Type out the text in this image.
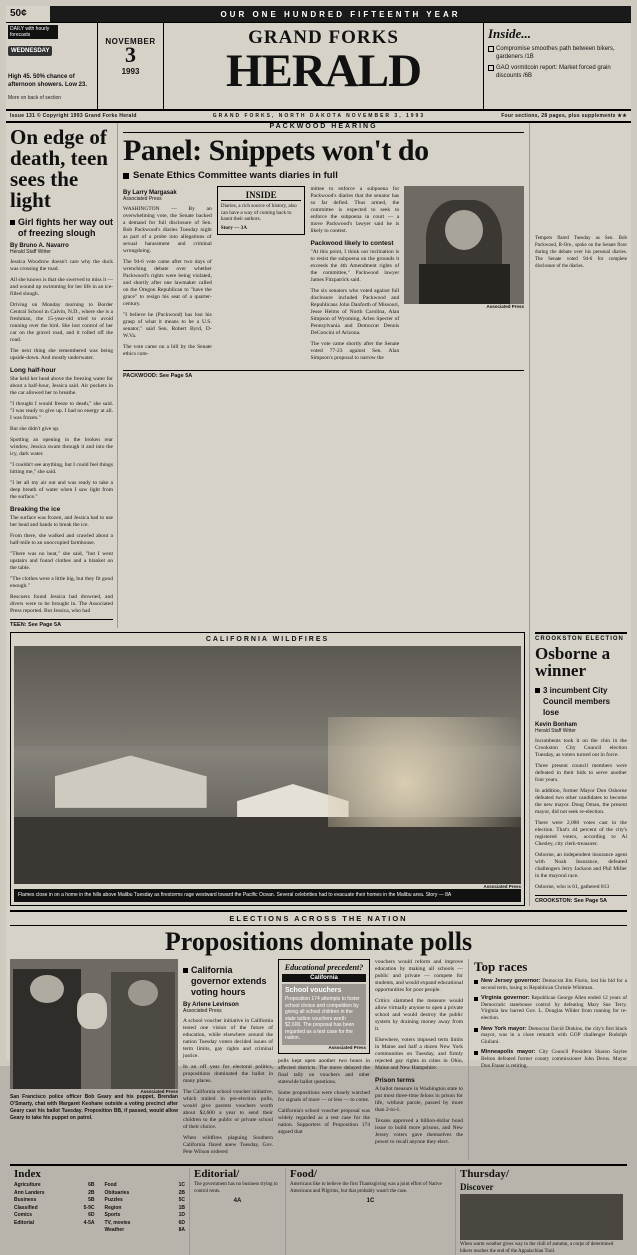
50¢	OUR ONE HUNDRED FIFTEENTH YEAR
DAILY with hourly forecasts
WEDNESDAY
High 45. 50% chance of afternoon showers. Low 23.
More on back of section
NOVEMBER
3
1993
GRAND FORKS
HERALD
Inside...
Compromise smoothes path between bikers, gardeners /1B
GAO vormitcoin report: Market forced grain discounts /6B
Issue 131 © Copyright 1993 Grand Forks Herald	GRAND FORKS, NORTH DAKOTA NOVEMBER 3, 1993	Four sections, 28 pages, plus supplements ★★
On edge of death, teen sees the light
Girl fights her way out of freezing slough
By Bruno A. Navarro
Herald Staff Writer

Jessica Woodrow doesn't care why the duck was crossing the road.

All she knows is that she swerved to miss it — and wound up swimming for her life in an ice-filled slough.

Driving on Monday morning to Border Central School in Calvin, N.D., where she is a freshman, the 15-year-old tried to avoid running over the bird. She lost control of her car on the gravel road, and it rolled off the road.

The next thing she remembered was being upside-down. And mostly underwater.

Long half-hour

She held her head above the freezing water for about a half-hour, Jessica said. Air pockets in the car allowed her to breathe.

"I thought I would freeze to death," she said. "I was ready to give up. I had no energy at all. I was frozen."

But she didn't give up.

Spotting an opening in the broken rear window, Jessica swam through it and into the icy, dark water.

"I couldn't see anything, but I could feel things hitting me," she said.

"I let all my air out and was ready to take a deep breath of water when I saw light from the surface."

Breaking the ice

The surface was frozen, and Jessica had to use her head and hands to break the ice.

From there, she walked and crawled about a half-mile to an unoccupied farmhouse.

"There was no heat," she said, "but I went upstairs and found clothes and a blanket on the table.

"The clothes were a little big, but they fit good enough."

Rescuers found Jessica had drowned, and divers were to be brought in. The Associated Press reported. But Jessica, who had

TEEN: See Page 5A
PACKWOOD HEARING
Panel: Snippets won't do
Senate Ethics Committee wants diaries in full
By Larry Margasak
Associated Press

WASHINGTON — By an overwhelming vote, the Senate backed a demand for full disclosure of Sen. Bob Packwood's diaries Tuesday night as part of a probe into allegations of sexual harassment and criminal wrongdoing.

The 94-6 vote came after two days of wrenching debate over whether Packwood's rights were being violated, and shortly after one lawmaker called on the Oregon Republican to "have the grace" to resign his seat of a quarter-century.

"I believe he (Packwood) has lost his grasp of what it means to be a U.S. senator," said Sen. Robert Byrd, D-W.Va.

The vote came on a bill by the Senate ethics com-

INSIDE

Diaries, a rich source of history, also can have a way of coming back to haunt their authors.

Story — 3A

mittee to enforce a subpoena for Packwood's diaries that the senator has so far defied. Thus armed, the committee is expected to seek to enforce the subpoena in court — a move Packwood's lawyer said he is likely to contest.

Packwood likely to contest

"At this point, I think our inclination is to resist the subpoena on the grounds it exceeds the 4th Amendment rights of the committee," Packwood lawyer James Fitzpatrick said.

The six senators who voted against full disclosure included Packwood and Republicans John Danforth of Missouri, Jesse Helms of North Carolina, Alan Simpson of Wyoming, Arlen Specter of Pennsylvania and Democrat Dennis DeConcini of Arizona.

The vote came shortly after the Senate voted 77-23 against Sen. Alan Simpson's proposal to narrow the

Associated Press
PACKWOOD: See Page 5A

Tempers flared Tuesday as Sen. Bob Packwood, R-Ore., spoke on the Senate floor during the debate over his personal diaries. The Senate voted 94-6 for complete disclosure of the diaries.

CALIFORNIA WILDFIRES
Associated Press
Flames close in on a home in the hills above Malibu Tuesday as firestorms rage westward toward the Pacific Ocean. Several celebrities had to evacuate their homes in the Malibu area. Story — 8A
CROOKSTON ELECTION
Osborne a winner
3 incumbent City Council members lose
Kevin Bonham
Herald Staff Writer

Incumbents took it on the chin in the Crookston City Council election Tuesday, as voters turned out in force.

Three present council members were defeated in their bids to serve another four years.

In addition, former Mayor Don Osborne defeated two other candidates to become the new mayor. Doug Oman, the present mayor, did not seek re-election.

There were 2,080 votes cast in the election. That's 44 percent of the city's registered voters, according to Al Chesley, city clerk-treasurer.

Osborne, an independent insurance agent with Noah Insurance, defeated challengers Jerry Jackson and Phil Miller in the mayoral race.

Osborne, who is 61, gathered 813

CROOKSTON: See Page 5A
ELECTIONS ACROSS THE NATION
Propositions dominate polls
Associated Press

San Francisco police officer Bob Geary and his puppet, Brendan O'Smarty, chat with Margaret Keohane outside a voting precinct after Geary cast his ballot Tuesday. Proposition BB, if passed, would allow Geary to take his puppet on patrol.

California governor extends voting hours
By Arlene Levinson
Associated Press

A school voucher initiative in California tested one vision of the future of education, while elsewhere around the nation Tuesday voters decided issues of term limits, gay rights and criminal justice.

In an off year for electoral politics, propositions dominated the ballot in many places.

The California school voucher initiative, which trailed in pre-election polls, would give parents vouchers worth about $2,600 a year to send their children to the public or private school of their choice.

When wildfires plaguing Southern California flared anew Tuesday, Gov. Pete Wilson ordered

Educational precedent?
California
School vouchers

Proposition 174 attempts to foster school choice and competition by giving all school children in the state tuition vouchers worth $2,600. The proposal has been regarded as a test case for the nation.

Associated Press

polls kept open another two hours in affected districts. The move delayed the final tally on vouchers and other statewide ballot questions.

Some propositions were closely watched for signals of more — or less — to come.

California's school voucher proposal was widely regarded as a test case for the nation. Supporters of Proposition 174 argued that

vouchers would reform and improve education by making all schools — public and private — compete for students, and would expand educational opportunities for poor people.

Critics slammed the measure would allow virtually anyone to open a private school and would destroy the public system by draining money away from it.

Elsewhere, voters imposed term limits in Maine and half a dozen New York communities on Tuesday, and firmly rejected gay rights in cities in Ohio, Maine and New Hampshire.

Prison terms

A ballot measure in Washington state to put most three-time felons in prison for life, without parole, passed by more than 2-to-1.

Texans approved a billion-dollar bond issue to build more prisons, and New Jersey voters gave themselves the power to recall anyone they elect.

Top races
New Jersey governor: Democrat Jim Florio, lost his bid for a second term, losing to Republican Christie Whitman.
Virginia governor: Republican George Allen ended 12 years of Democratic statehouse control by defeating Mary Sue Terry. Virginia law barred Gov. L. Douglas Wilder from running for re-election.
New York mayor: Democrat David Dinkins, the city's first black mayor, was in a close rematch with GOP challenger Rudolph Giuliani.
Minneapolis mayor: City Council President Sharon Sayles Belton defeated former county commissioner John Derus. Mayor Don Fraser is retiring.
Index
Agriculture	6B
Ann Landers	2B
Business	5B
Classified	5-9C
Comics	6D
Editorial	4-5A
Food	1C
Obituaries	2B
Puzzles	5C
Region	1B
Sports	1D
TV, movies	6D
Weather	8A
Editorial/

The government has no business trying to control rents.

4A
Food/

Americans like to believe the first Thanksgiving was a joint effort of Native Americans and Pilgrims, but that probably wasn't the case.

1C
Thursday/
Discover

When warm weather gives way to the chill of autumn, a corps of determined hikers reaches the end of the Appalachian Trail.
